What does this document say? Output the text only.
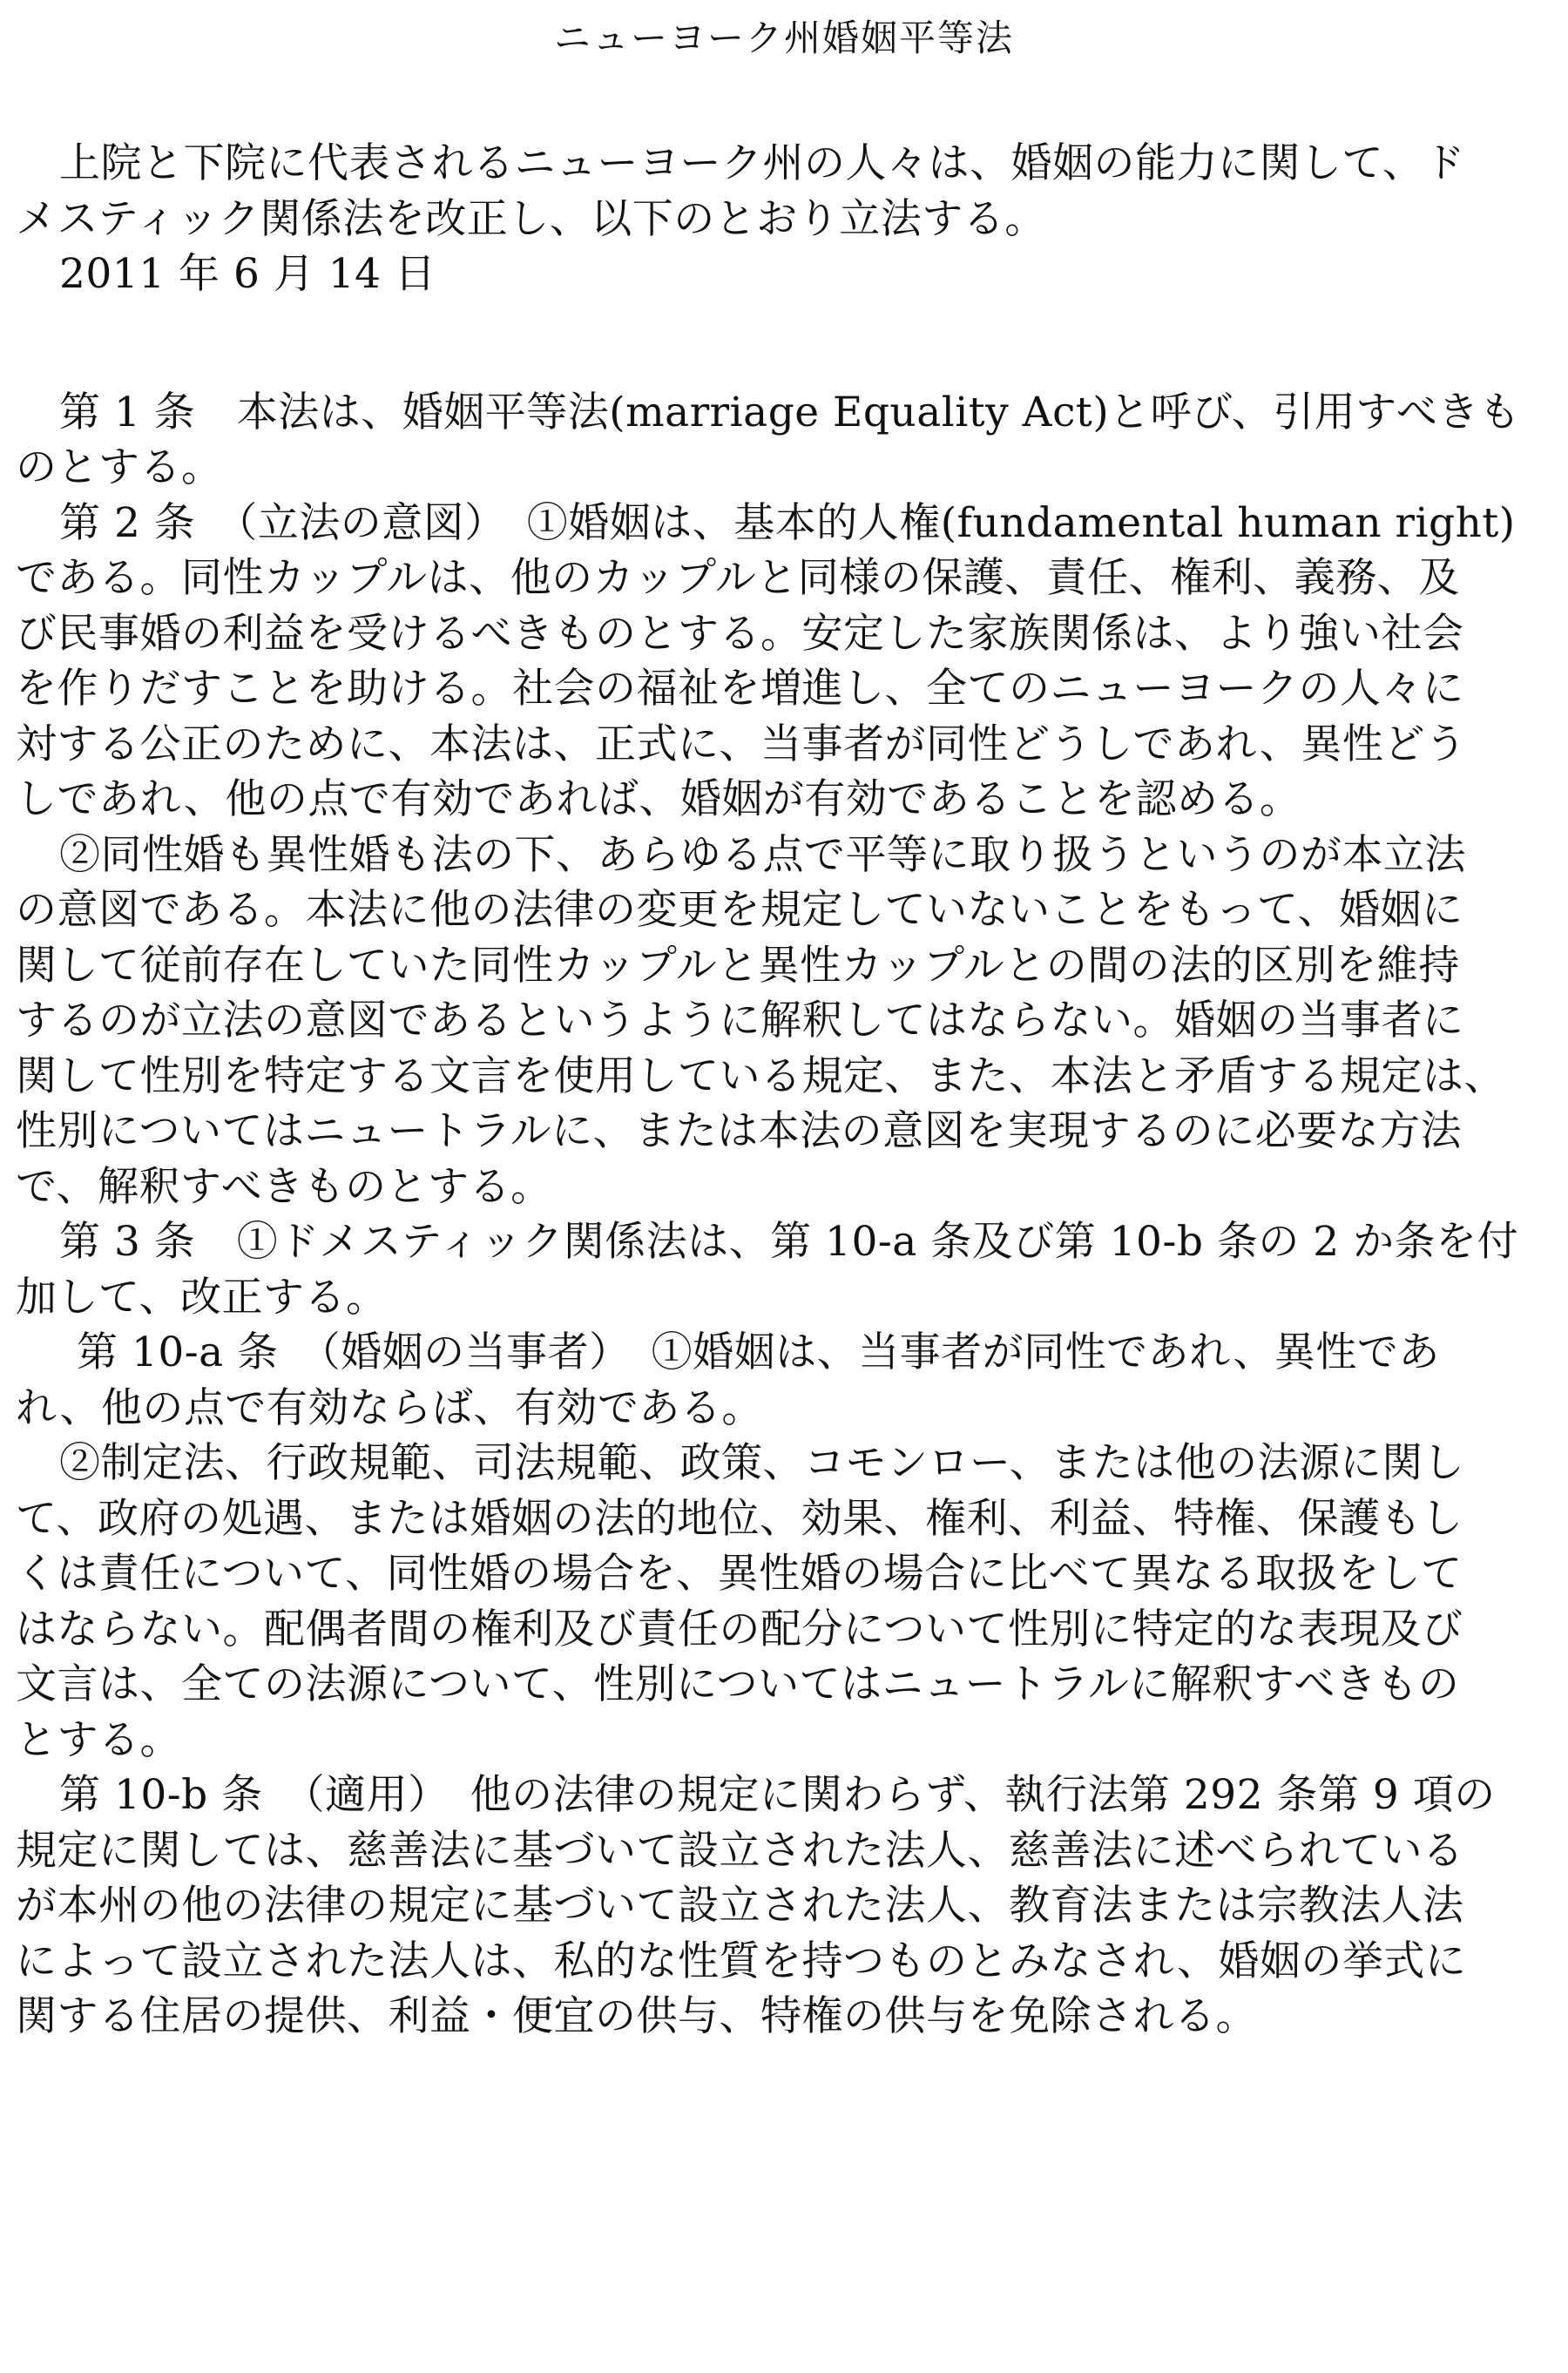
ニューヨーク州婚姻平等法
上院と下院に代表されるニューヨーク州の人々は、婚姻の能力に関して、ド
メスティック関係法を改正し、以下のとおり立法する。
2011 年 6 月 14 日
第 1 条　本法は、婚姻平等法(marriage Equality Act)と呼び、引用すべきも
のとする。
第 2 条　（立法の意図）　①婚姻は、基本的人権(fundamental human right)
である。同性カップルは、他のカップルと同様の保護、責任、権利、義務、及
び民事婚の利益を受けるべきものとする。安定した家族関係は、より強い社会
を作りだすことを助ける。社会の福祉を増進し、全てのニューヨークの人々に
対する公正のために、本法は、正式に、当事者が同性どうしであれ、異性どう
しであれ、他の点で有効であれば、婚姻が有効であることを認める。
②同性婚も異性婚も法の下、あらゆる点で平等に取り扱うというのが本立法
の意図である。本法に他の法律の変更を規定していないことをもって、婚姻に
関して従前存在していた同性カップルと異性カップルとの間の法的区別を維持
するのが立法の意図であるというように解釈してはならない。婚姻の当事者に
関して性別を特定する文言を使用している規定、また、本法と矛盾する規定は、
性別についてはニュートラルに、または本法の意図を実現するのに必要な方法
で、解釈すべきものとする。
第 3 条　①ドメスティック関係法は、第 10-a 条及び第 10-b 条の 2 か条を付
加して、改正する。
第 10-a 条　（婚姻の当事者）　①婚姻は、当事者が同性であれ、異性であ
れ、他の点で有効ならば、有効である。
②制定法、行政規範、司法規範、政策、コモンロー、または他の法源に関し
て、政府の処遇、または婚姻の法的地位、効果、権利、利益、特権、保護もし
くは責任について、同性婚の場合を、異性婚の場合に比べて異なる取扱をして
はならない。配偶者間の権利及び責任の配分について性別に特定的な表現及び
文言は、全ての法源について、性別についてはニュートラルに解釈すべきもの
とする。
第 10-b 条　（適用）　他の法律の規定に関わらず、執行法第 292 条第 9 項の
規定に関しては、慈善法に基づいて設立された法人、慈善法に述べられている
が本州の他の法律の規定に基づいて設立された法人、教育法または宗教法人法
によって設立された法人は、私的な性質を持つものとみなされ、婚姻の挙式に
関する住居の提供、利益・便宜の供与、特権の供与を免除される。
